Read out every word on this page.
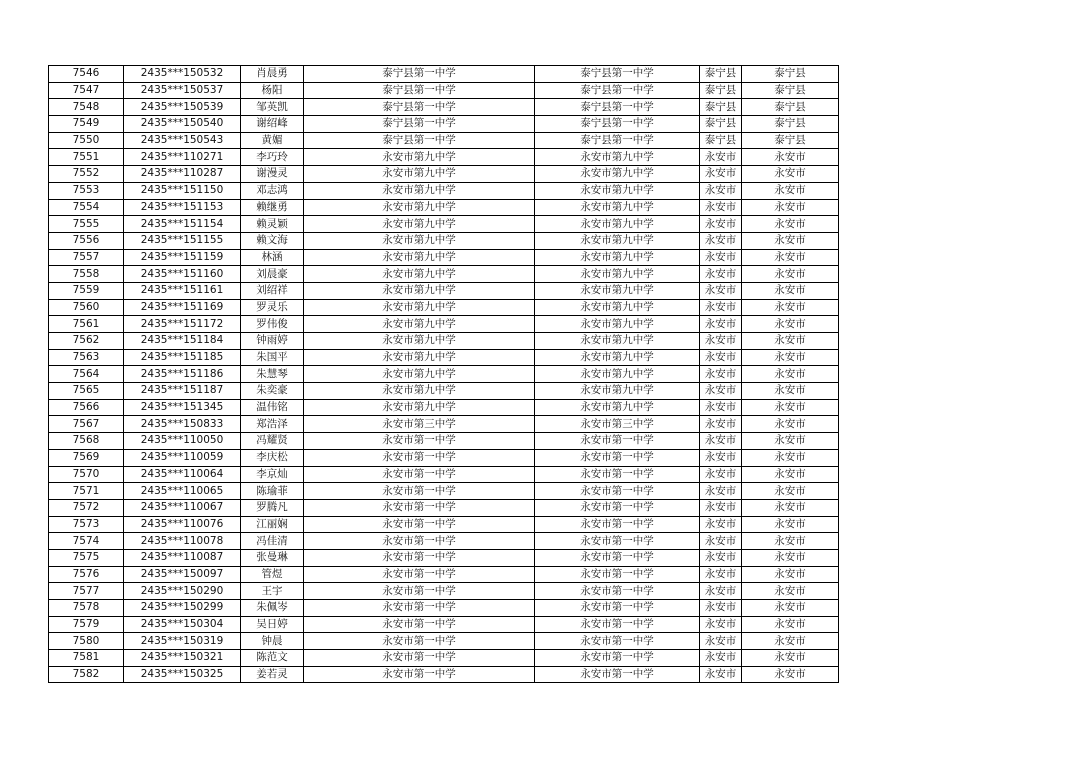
7546	2435***150532	肖晨勇	泰宁县第一中学	泰宁县第一中学	泰宁县	泰宁县
7547	2435***150537	杨阳	泰宁县第一中学	泰宁县第一中学	泰宁县	泰宁县
7548	2435***150539	邹英凯	泰宁县第一中学	泰宁县第一中学	泰宁县	泰宁县
7549	2435***150540	谢绍峰	泰宁县第一中学	泰宁县第一中学	泰宁县	泰宁县
7550	2435***150543	黄媚	泰宁县第一中学	泰宁县第一中学	泰宁县	泰宁县
7551	2435***110271	李巧玲	永安市第九中学	永安市第九中学	永安市	永安市
7552	2435***110287	谢漫灵	永安市第九中学	永安市第九中学	永安市	永安市
7553	2435***151150	邓志鸿	永安市第九中学	永安市第九中学	永安市	永安市
7554	2435***151153	赖继勇	永安市第九中学	永安市第九中学	永安市	永安市
7555	2435***151154	赖灵颖	永安市第九中学	永安市第九中学	永安市	永安市
7556	2435***151155	赖文海	永安市第九中学	永安市第九中学	永安市	永安市
7557	2435***151159	林涵	永安市第九中学	永安市第九中学	永安市	永安市
7558	2435***151160	刘晨豪	永安市第九中学	永安市第九中学	永安市	永安市
7559	2435***151161	刘绍祥	永安市第九中学	永安市第九中学	永安市	永安市
7560	2435***151169	罗灵乐	永安市第九中学	永安市第九中学	永安市	永安市
7561	2435***151172	罗伟俊	永安市第九中学	永安市第九中学	永安市	永安市
7562	2435***151184	钟雨婷	永安市第九中学	永安市第九中学	永安市	永安市
7563	2435***151185	朱国平	永安市第九中学	永安市第九中学	永安市	永安市
7564	2435***151186	朱慧琴	永安市第九中学	永安市第九中学	永安市	永安市
7565	2435***151187	朱奕豪	永安市第九中学	永安市第九中学	永安市	永安市
7566	2435***151345	温伟铭	永安市第九中学	永安市第九中学	永安市	永安市
7567	2435***150833	郑浩泽	永安市第三中学	永安市第三中学	永安市	永安市
7568	2435***110050	冯耀贤	永安市第一中学	永安市第一中学	永安市	永安市
7569	2435***110059	李庆松	永安市第一中学	永安市第一中学	永安市	永安市
7570	2435***110064	李京灿	永安市第一中学	永安市第一中学	永安市	永安市
7571	2435***110065	陈瑜菲	永安市第一中学	永安市第一中学	永安市	永安市
7572	2435***110067	罗腾凡	永安市第一中学	永安市第一中学	永安市	永安市
7573	2435***110076	江丽娴	永安市第一中学	永安市第一中学	永安市	永安市
7574	2435***110078	冯佳清	永安市第一中学	永安市第一中学	永安市	永安市
7575	2435***110087	张曼琳	永安市第一中学	永安市第一中学	永安市	永安市
7576	2435***150097	管煜	永安市第一中学	永安市第一中学	永安市	永安市
7577	2435***150290	王宇	永安市第一中学	永安市第一中学	永安市	永安市
7578	2435***150299	朱佩岑	永安市第一中学	永安市第一中学	永安市	永安市
7579	2435***150304	吴日婷	永安市第一中学	永安市第一中学	永安市	永安市
7580	2435***150319	钟晨	永安市第一中学	永安市第一中学	永安市	永安市
7581	2435***150321	陈范文	永安市第一中学	永安市第一中学	永安市	永安市
7582	2435***150325	姜若灵	永安市第一中学	永安市第一中学	永安市	永安市
